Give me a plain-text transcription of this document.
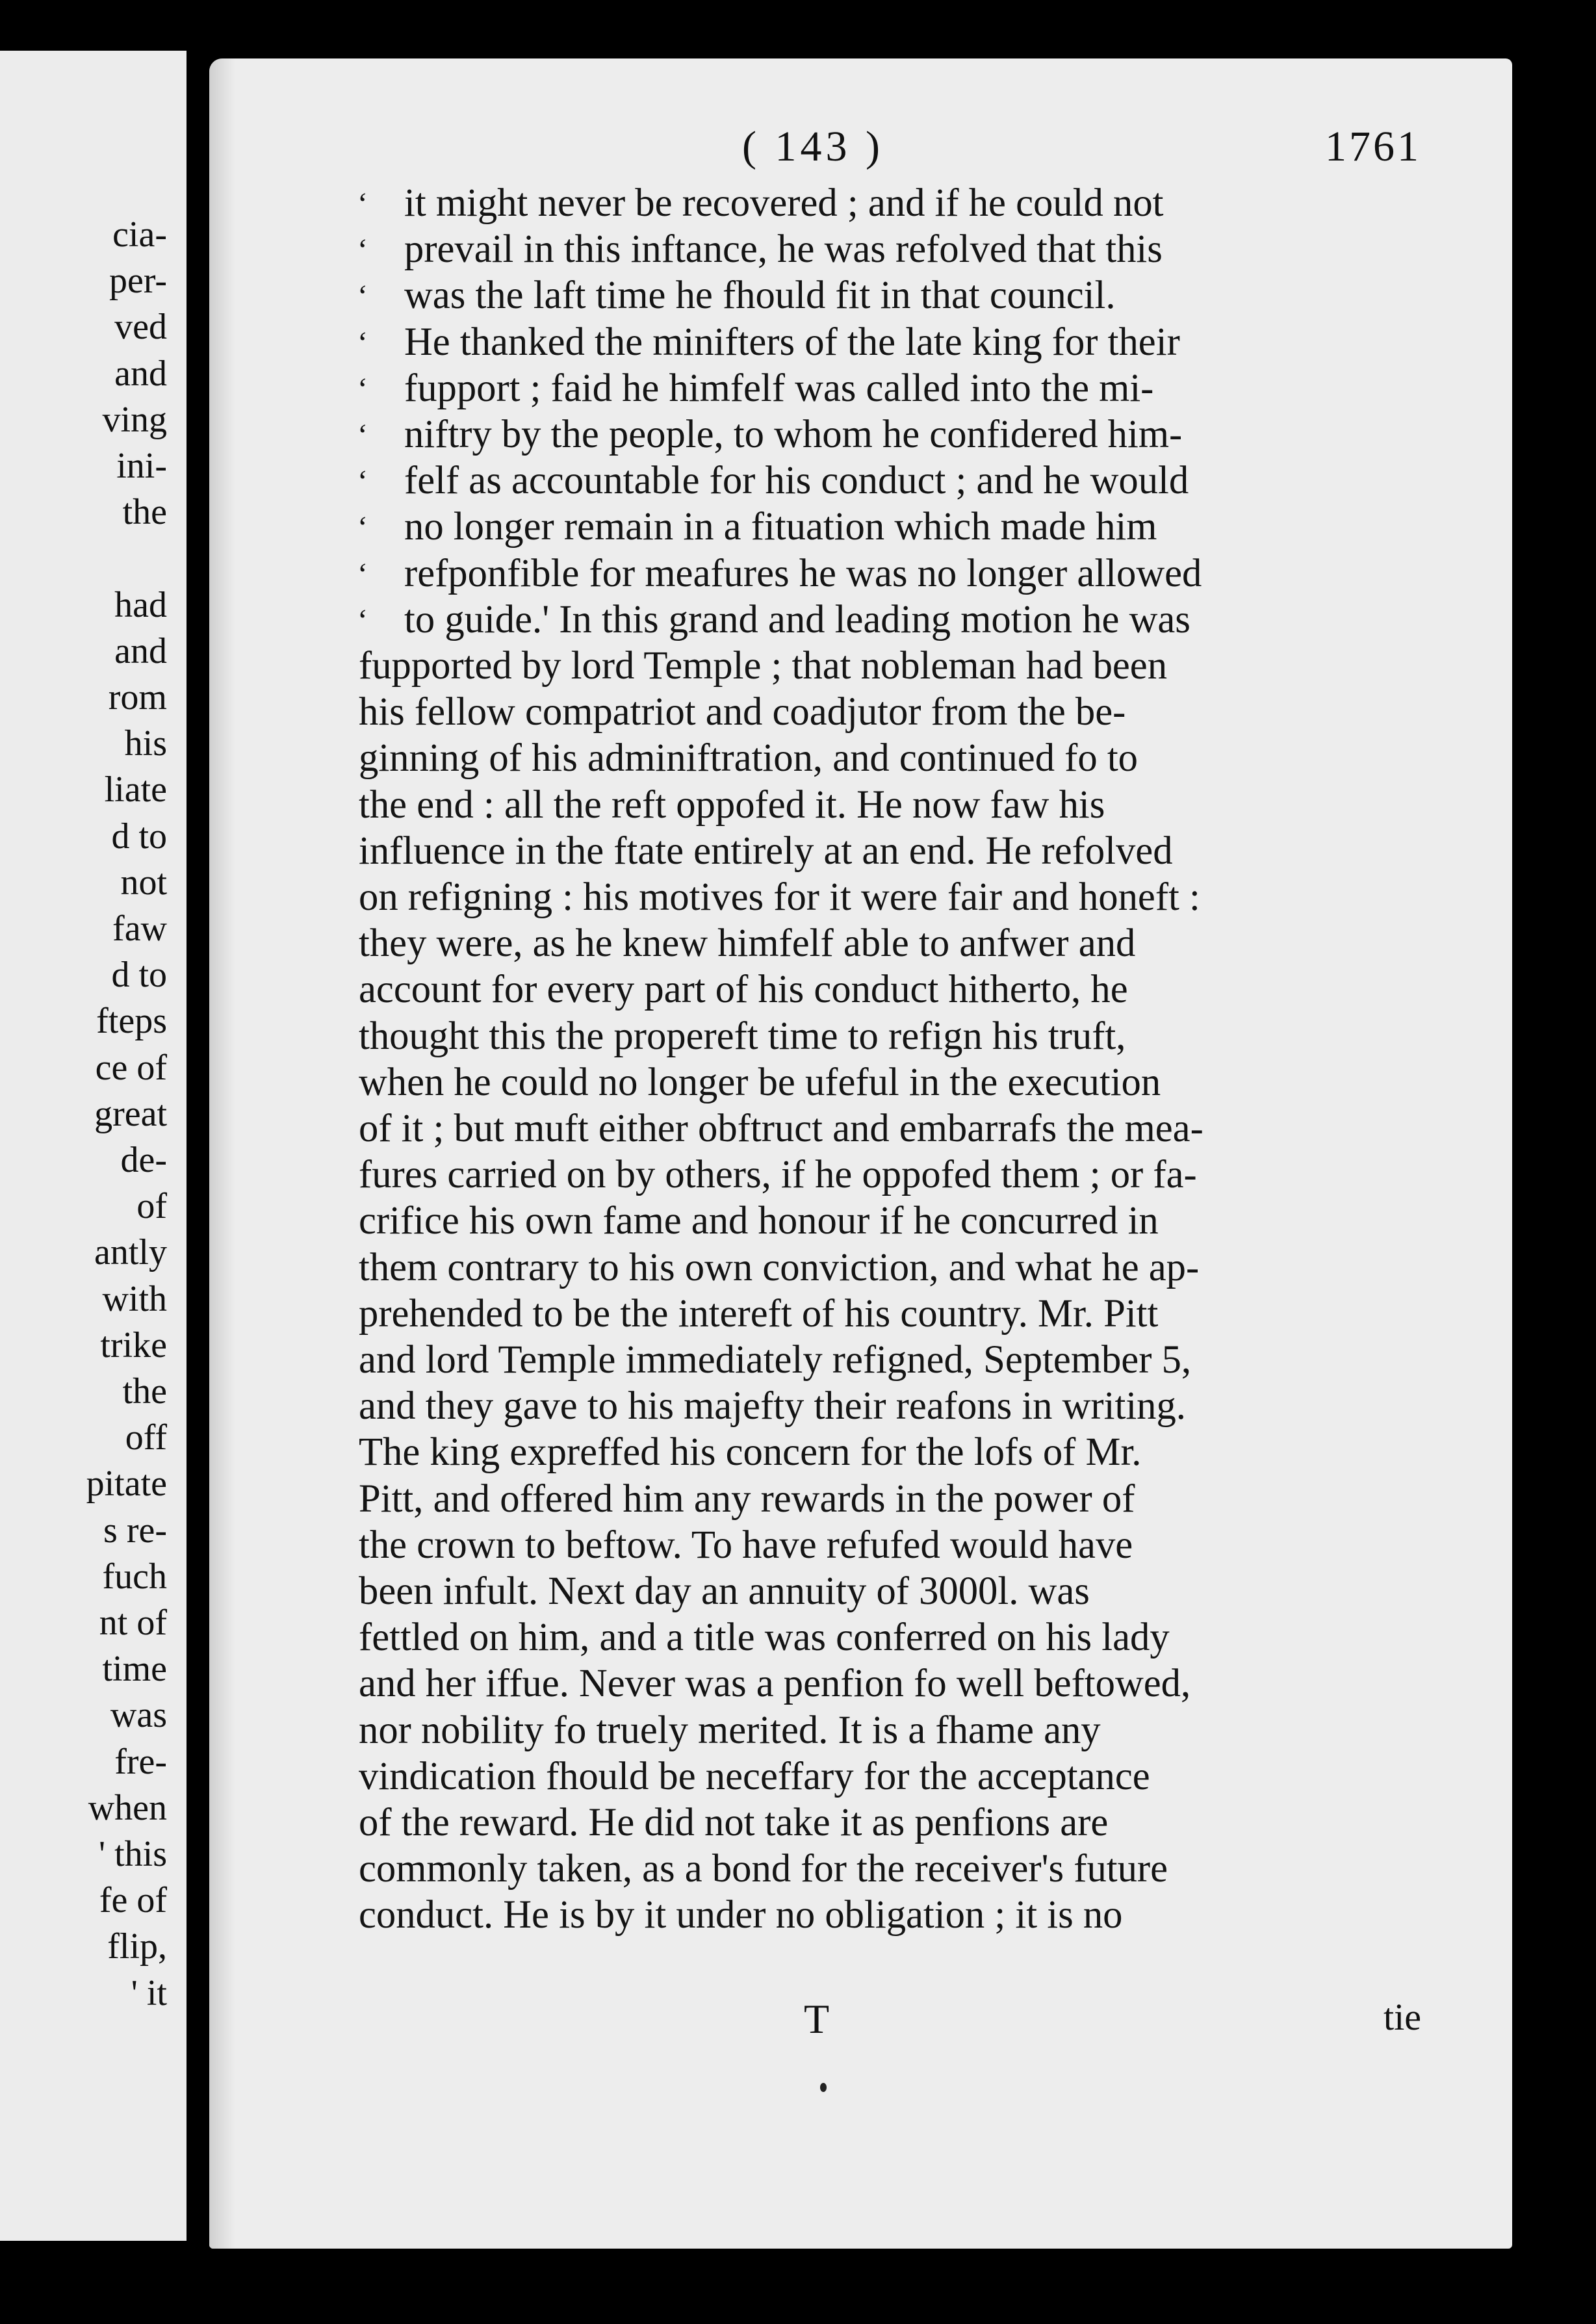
cia-
per-
ved
and
ving
ini-
the
had
and
rom
his
liate
d to
not
faw
d to
fteps
ce of
great
de-
of
antly
with
trike
the
off
pitate
s re-
fuch
nt of
time
was
fre-
when
' this
fe of
flip,
' it
( 143 )	1761
‘ it might never be recovered ; and if he could not
‘ prevail in this inftance, he was refolved that this
‘ was the laft time he fhould fit in that council.
‘ He thanked the minifters of the late king for their
‘ fupport ; faid he himfelf was called into the mi-
‘ niftry by the people, to whom he confidered him-
‘ felf as accountable for his conduct ; and he would
‘ no longer remain in a fituation which made him
‘ refponfible for meafures he was no longer allowed
‘ to guide.' In this grand and leading motion he was
fupported by lord Temple ; that nobleman had been
his fellow compatriot and coadjutor from the be-
ginning of his adminiftration, and continued fo to
the end : all the reft oppofed it. He now faw his
influence in the ftate entirely at an end. He refolved
on refigning : his motives for it were fair and honeft :
they were, as he knew himfelf able to anfwer and
account for every part of his conduct hitherto, he
thought this the propereft time to refign his truft,
when he could no longer be ufeful in the execution
of it ; but muft either obftruct and embarrafs the mea-
fures carried on by others, if he oppofed them ; or fa-
crifice his own fame and honour if he concurred in
them contrary to his own conviction, and what he ap-
prehended to be the intereft of his country. Mr. Pitt
and lord Temple immediately refigned, September 5,
and they gave to his majefty their reafons in writing.
The king expreffed his concern for the lofs of Mr.
Pitt, and offered him any rewards in the power of
the crown to beftow. To have refufed would have
been infult. Next day an annuity of 3000l. was
fettled on him, and a title was conferred on his lady
and her iffue. Never was a penfion fo well beftowed,
nor nobility fo truely merited. It is a fhame any
vindication fhould be neceffary for the acceptance
of the reward. He did not take it as penfions are
commonly taken, as a bond for the receiver's future
conduct. He is by it under no obligation ; it is no
T	tie
